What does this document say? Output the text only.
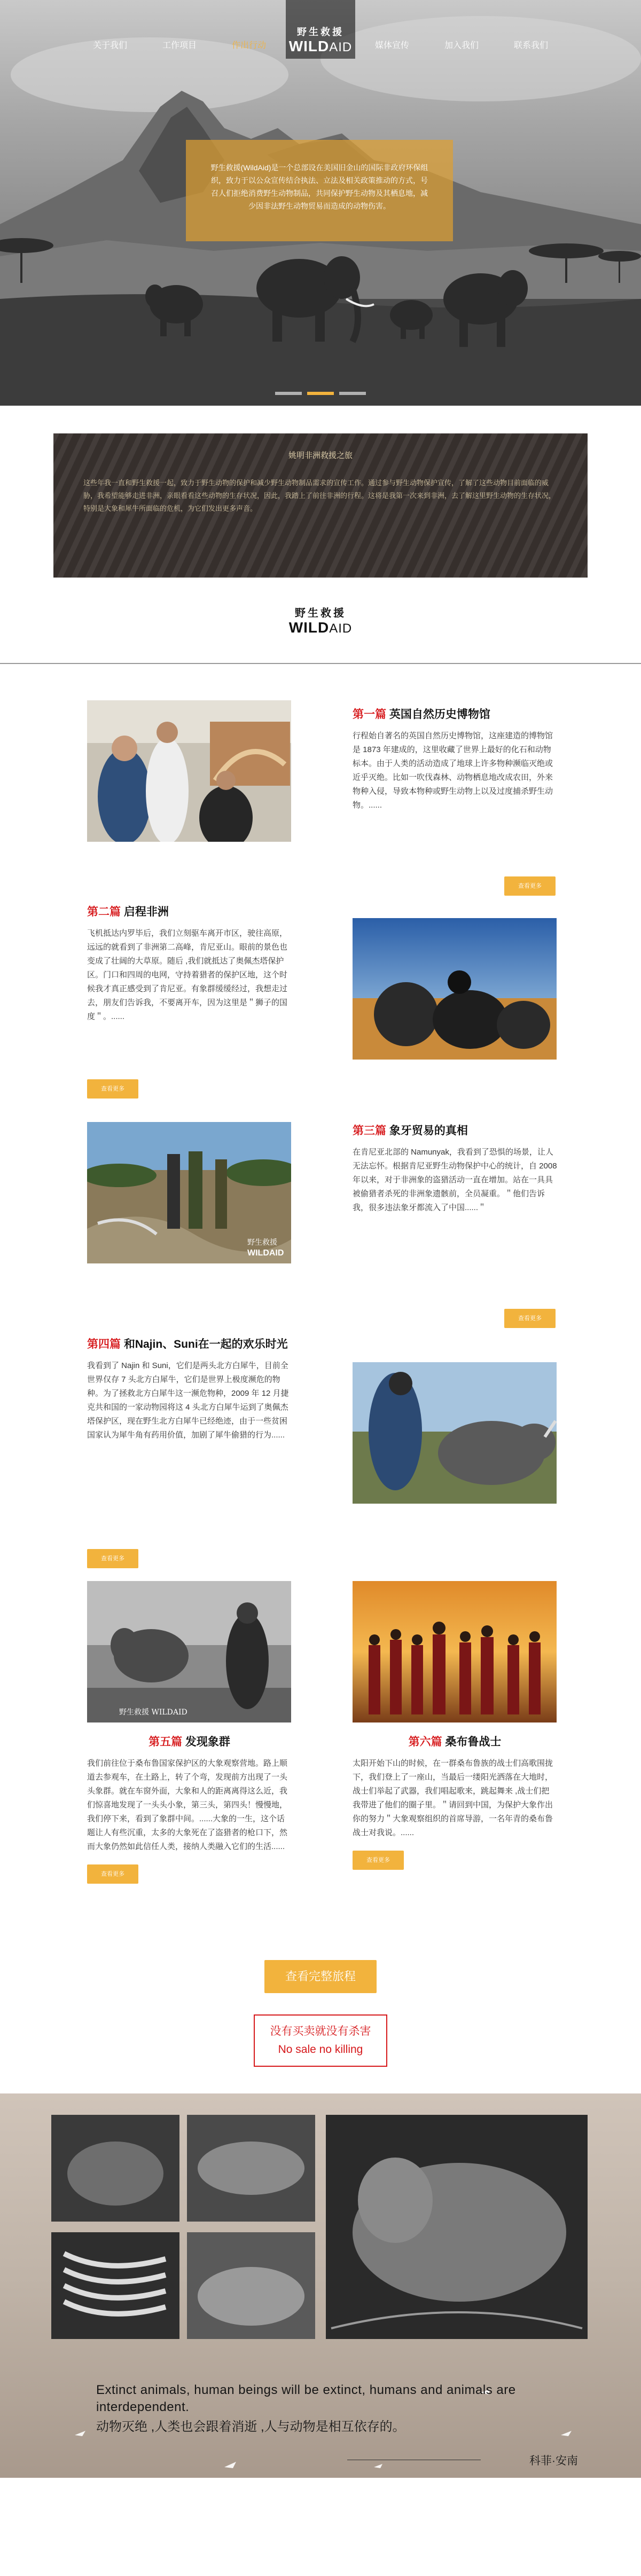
关于我们	工作项目	作出行动
野生救援
WILDAID	媒体宣传	加入我们	联系我们
野生救援(WildAid)是一个总部设在美国旧金山的国际非政府环保组织，致力于以公众宣传结合执法、立法及相关政策推动的方式，号召人们拒绝消费野生动物制品，共同保护野生动物及其栖息地，减少因非法野生动物贸易而造成的动物伤害。
姚明非洲救援之旅
这些年我一直和野生救援一起，致力于野生动物的保护和减少野生动物制品需求的宣传工作。通过参与野生动物保护宣传，了解了这些动物目前面临的威胁，我希望能够走进非洲，亲眼看看这些动物的生存状况，因此，我踏上了前往非洲的行程。这将是我第一次来到非洲，去了解这里野生动物的生存状况，特别是大象和犀牛所面临的危机，为它们发出更多声音。
野生救援
WILDAID
第一篇 英国自然历史博物馆
行程始自著名的英国自然历史博物馆，这座建造的博物馆是 1873 年建成的，这里收藏了世界上最好的化石和动物标本。由于人类的活动造成了地球上许多物种濒临灭绝或近乎灭绝。比如一吹伐森林、动物栖息地改成农田，外来物种入侵，导致本物种或野生动物上以及过度捕杀野生动物。......
查看更多
第二篇 启程非洲
飞机抵达内罗毕后，我们立刻驱车离开市区，驶往高原，远远的就看到了非洲第二高峰，肯尼亚山。眼前的景色也变成了壮阔的大草原。随后 ,我们就抵达了奥佩杰塔保护区。门口和四周的电网，守持着猎者的保护区地，这个时候我才真正感受到了肯尼亚。有象群缓缓经过，我想走过去，朋友们告诉我，不要离开车，因为这里是＂狮子的国度＂。......
查看更多
野生救援
WILDAID
第三篇 象牙贸易的真相
在肯尼亚北部的 Namunyak，我看到了恐惧的场景，让人无法忘怀。根据肯尼亚野生动物保护中心的统计，自 2008 年以来，对于非洲象的盗猎活动一直在增加。站在一具具被偷猎者杀死的非洲象遗骸前，全员凝重。＂他们告诉我，很多违法象牙都流入了中国......＂
查看更多
第四篇 和Najin、Suni在一起的欢乐时光
我看到了 Najin 和 Suni，它们是两头北方白犀牛，目前全世界仅存 7 头北方白犀牛，它们是世界上极度濒危的物种。为了拯救北方白犀牛这一濒危物种，2009 年 12 月捷克共和国的一家动物园将这 4 头北方白犀牛运到了奥佩杰塔保护区，现在野生北方白犀牛已经绝迹，由于一些贫困国家认为犀牛角有药用价值，加剧了犀牛偷猎的行为......
查看更多
野生救援 WILDAID
第五篇 发现象群
我们前往位于桑布鲁国家保护区的大象观察营地。路上顺道去参观车，在土路上，转了个弯，发现前方出现了一头头象群。就在车窗外面，大象和人的距离离得这么近，我们惊喜地发现了一头头小象，第三头，第四头！慢慢地，我们停下来，看到了象群中间。......大象的一生，这个话题让人有些沉重，太多的大象死在了盗猎者的枪口下，然而大象仍然如此信任人类，接纳人类融入它们的生活......
查看更多
第六篇 桑布鲁战士
太阳开始下山的时候，在一群桑布鲁族的战士们高歌围拢下，我们登上了一座山，当最后一缕阳光洒落在大地时，战士们举起了武器，我们唱起歌来，跳起舞来 ,战士们把我带进了他们的圈子里。＂请回到中国，为保护大象作出你的努力＂大象观察组织的首席导游，一名年青的桑布鲁战士对我说。......
查看更多
查看完整旅程
没有买卖就没有杀害
No sale no killing
Extinct animals, human beings will be extinct, humans and animals are interdependent.
动物灭绝 ,人类也会跟着消逝 ,人与动物是相互依存的。
科菲·安南
